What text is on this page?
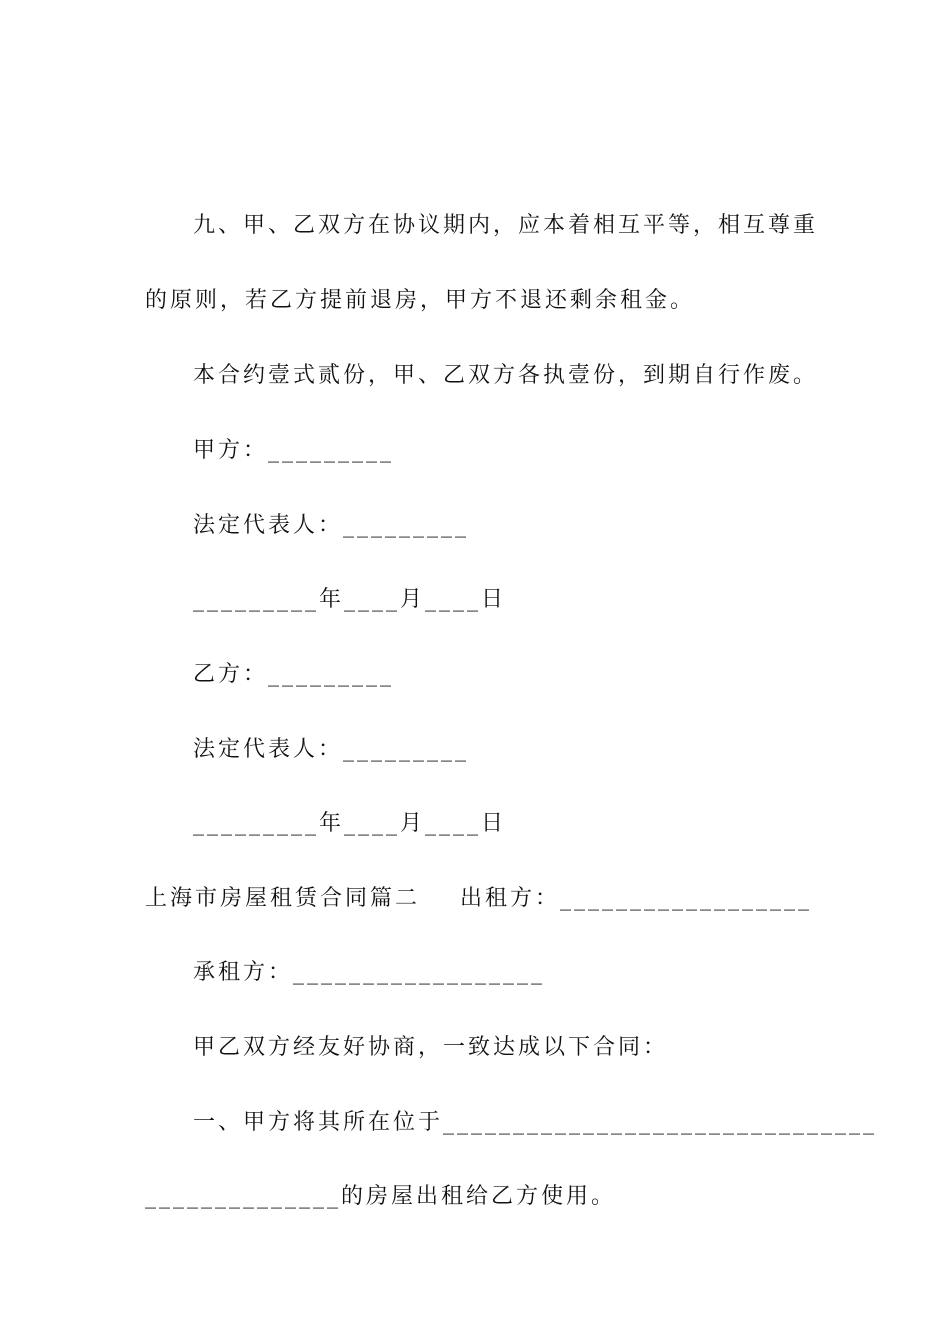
九、甲、乙双方在协议期内，应本着相互平等，相互尊重
的原则，若乙方提前退房，甲方不退还剩余租金。
本合约壹式贰份，甲、乙双方各执壹份，到期自行作废。
甲方：_________
法定代表人：_________
_________年____月____日
乙方：_________
法定代表人：_________
_________年____月____日
上海市房屋租赁合同篇二    出租方：__________________
承租方：__________________
甲乙双方经友好协商，一致达成以下合同：
一、甲方将其所在位于_______________________________
______________的房屋出租给乙方使用。
